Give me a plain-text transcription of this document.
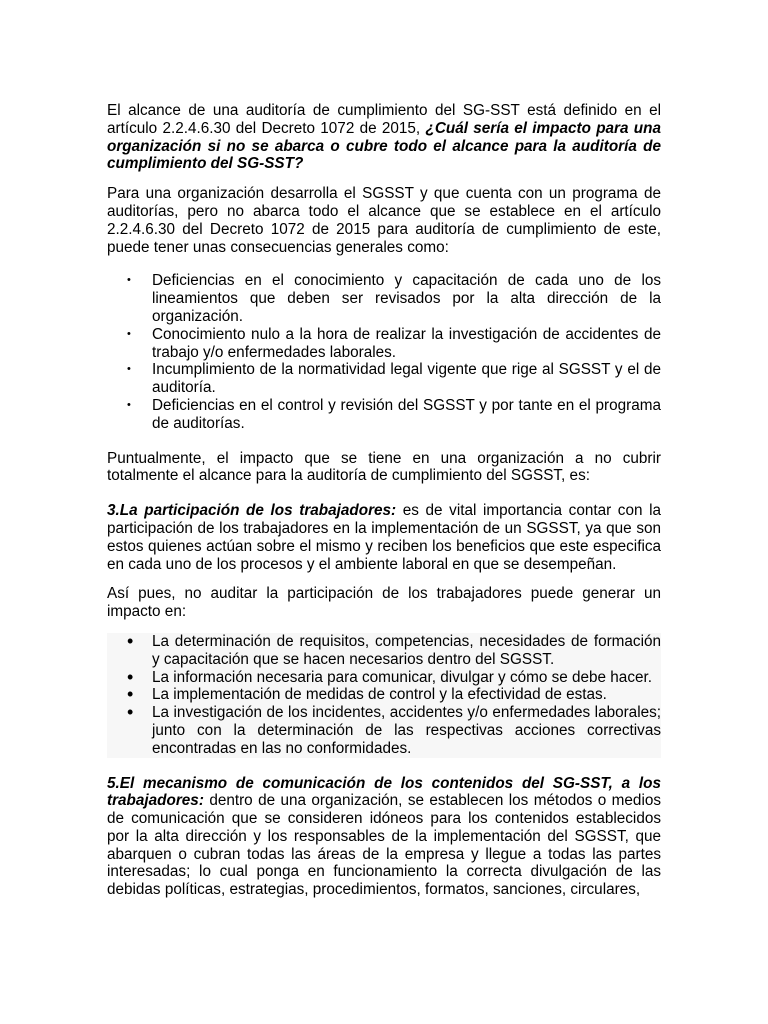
El alcance de una auditoría de cumplimiento del SG-SST está definido en el artículo 2.2.4.6.30 del Decreto 1072 de 2015, ¿Cuál sería el impacto para una organización si no se abarca o cubre todo el alcance para la auditoría de cumplimiento del SG-SST?

Para una organización desarrolla el SGSST y que cuenta con un programa de auditorías, pero no abarca todo el alcance que se establece en el artículo 2.2.4.6.30 del Decreto 1072 de 2015 para auditoría de cumplimiento de este, puede tener unas consecuencias generales como:

• Deficiencias en el conocimiento y capacitación de cada uno de los lineamientos que deben ser revisados por la alta dirección de la organización.
• Conocimiento nulo a la hora de realizar la investigación de accidentes de trabajo y/o enfermedades laborales.
• Incumplimiento de la normatividad legal vigente que rige al SGSST y el de auditoría.
• Deficiencias en el control y revisión del SGSST y por tante en el programa de auditorías.

Puntualmente, el impacto que se tiene en una organización a no cubrir totalmente el alcance para la auditoría de cumplimiento del SGSST, es:

3.La participación de los trabajadores: es de vital importancia contar con la participación de los trabajadores en la implementación de un SGSST, ya que son estos quienes actúan sobre el mismo y reciben los beneficios que este especifica en cada uno de los procesos y el ambiente laboral en que se desempeñan.

Así pues, no auditar la participación de los trabajadores puede generar un impacto en:

• La determinación de requisitos, competencias, necesidades de formación y capacitación que se hacen necesarios dentro del SGSST.
• La información necesaria para comunicar, divulgar y cómo se debe hacer.
• La implementación de medidas de control y la efectividad de estas.
• La investigación de los incidentes, accidentes y/o enfermedades laborales; junto con la determinación de las respectivas acciones correctivas encontradas en las no conformidades.

5.El mecanismo de comunicación de los contenidos del SG-SST, a los trabajadores: dentro de una organización, se establecen los métodos o medios de comunicación que se consideren idóneos para los contenidos establecidos por la alta dirección y los responsables de la implementación del SGSST, que abarquen o cubran todas las áreas de la empresa y llegue a todas las partes interesadas; lo cual ponga en funcionamiento la correcta divulgación de las debidas políticas, estrategias, procedimientos, formatos, sanciones, circulares,
